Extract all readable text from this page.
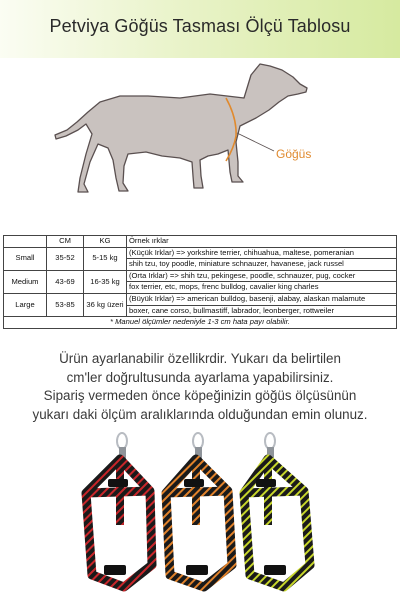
Petviya Göğüs Tasması Ölçü Tablosu
Göğüs
	CM	KG	Örnek ırklar
Small	35-52	5-15 kg	(Küçük Irklar) => yorkshire terrier, chihuahua, maltese, pomeranian
			shih tzu, toy poodle, miniature schnauzer, havanese, jack russel
Medium	43-69	16-35 kg	(Orta Irklar) => shih tzu, pekingese, poodle, schnauzer, pug, cocker
			fox terrier, etc, mops, frenc bulldog, cavalier king charles
Large	53-85	36 kg üzeri	(Büyük Irklar) => american bulldog, basenji, alabay, alaskan malamute
			boxer, cane corso, bullmastiff, labrador, leonberger, rottweiler
* Manuel ölçümler nedeniyle 1-3 cm hata payı olabilir.			
Ürün ayarlanabilir özellikrdir. Yukarı da belirtilen
cm'ler doğrultusunda ayarlama yapabilirsiniz.
Sipariş vermeden önce köpeğinizin göğüs ölçüsünün
yukarı daki ölçüm aralıklarında olduğundan emin olunuz.
